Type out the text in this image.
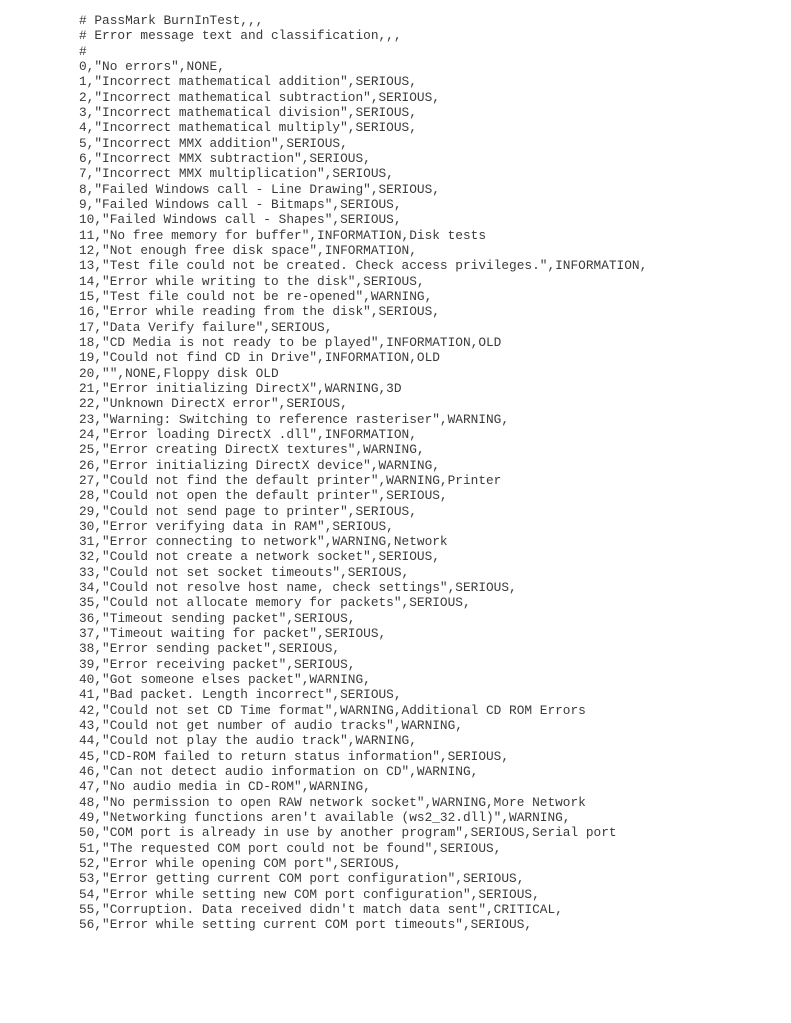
# PassMark BurnInTest,,,
# Error message text and classification,,,
#
0,"No errors",NONE,
1,"Incorrect mathematical addition",SERIOUS,
2,"Incorrect mathematical subtraction",SERIOUS,
3,"Incorrect mathematical division",SERIOUS,
4,"Incorrect mathematical multiply",SERIOUS,
5,"Incorrect MMX addition",SERIOUS,
6,"Incorrect MMX subtraction",SERIOUS,
7,"Incorrect MMX multiplication",SERIOUS,
8,"Failed Windows call - Line Drawing",SERIOUS,
9,"Failed Windows call - Bitmaps",SERIOUS,
10,"Failed Windows call - Shapes",SERIOUS,
11,"No free memory for buffer",INFORMATION,Disk tests
12,"Not enough free disk space",INFORMATION,
13,"Test file could not be created. Check access privileges.",INFORMATION,
14,"Error while writing to the disk",SERIOUS,
15,"Test file could not be re-opened",WARNING,
16,"Error while reading from the disk",SERIOUS,
17,"Data Verify failure",SERIOUS,
18,"CD Media is not ready to be played",INFORMATION,OLD
19,"Could not find CD in Drive",INFORMATION,OLD
20,"",NONE,Floppy disk OLD
21,"Error initializing DirectX",WARNING,3D
22,"Unknown DirectX error",SERIOUS,
23,"Warning: Switching to reference rasteriser",WARNING,
24,"Error loading DirectX .dll",INFORMATION,
25,"Error creating DirectX textures",WARNING,
26,"Error initializing DirectX device",WARNING,
27,"Could not find the default printer",WARNING,Printer
28,"Could not open the default printer",SERIOUS,
29,"Could not send page to printer",SERIOUS,
30,"Error verifying data in RAM",SERIOUS,
31,"Error connecting to network",WARNING,Network
32,"Could not create a network socket",SERIOUS,
33,"Could not set socket timeouts",SERIOUS,
34,"Could not resolve host name, check settings",SERIOUS,
35,"Could not allocate memory for packets",SERIOUS,
36,"Timeout sending packet",SERIOUS,
37,"Timeout waiting for packet",SERIOUS,
38,"Error sending packet",SERIOUS,
39,"Error receiving packet",SERIOUS,
40,"Got someone elses packet",WARNING,
41,"Bad packet. Length incorrect",SERIOUS,
42,"Could not set CD Time format",WARNING,Additional CD ROM Errors
43,"Could not get number of audio tracks",WARNING,
44,"Could not play the audio track",WARNING,
45,"CD-ROM failed to return status information",SERIOUS,
46,"Can not detect audio information on CD",WARNING,
47,"No audio media in CD-ROM",WARNING,
48,"No permission to open RAW network socket",WARNING,More Network
49,"Networking functions aren't available (ws2_32.dll)",WARNING,
50,"COM port is already in use by another program",SERIOUS,Serial port
51,"The requested COM port could not be found",SERIOUS,
52,"Error while opening COM port",SERIOUS,
53,"Error getting current COM port configuration",SERIOUS,
54,"Error while setting new COM port configuration",SERIOUS,
55,"Corruption. Data received didn't match data sent",CRITICAL,
56,"Error while setting current COM port timeouts",SERIOUS,
